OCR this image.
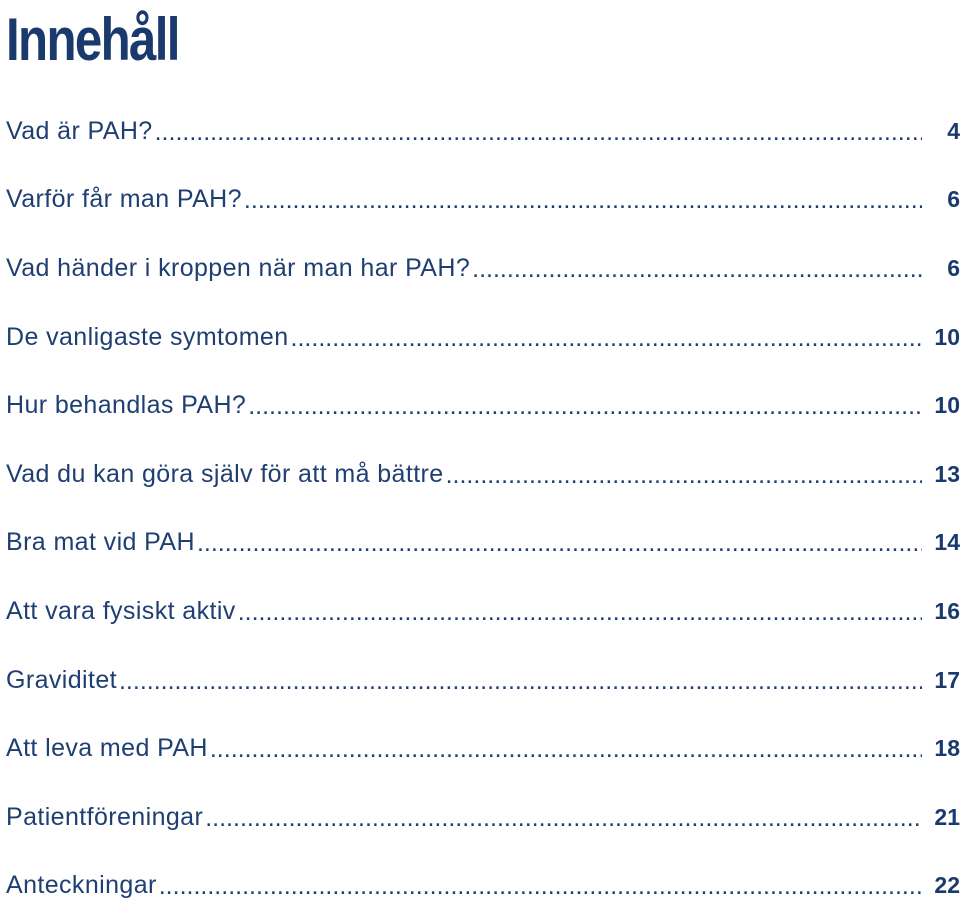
Innehåll
Vad är PAH? .....	4
Varför får man PAH? .....	6
Vad händer i kroppen när man har PAH? .....	6
De vanligaste symtomen .....	10
Hur behandlas PAH? .....	10
Vad du kan göra själv för att må bättre .....	13
Bra mat vid PAH .....	14
Att vara fysiskt aktiv .....	16
Graviditet .....	17
Att leva med PAH .....	18
Patientföreningar .....	21
Anteckningar .....	22
